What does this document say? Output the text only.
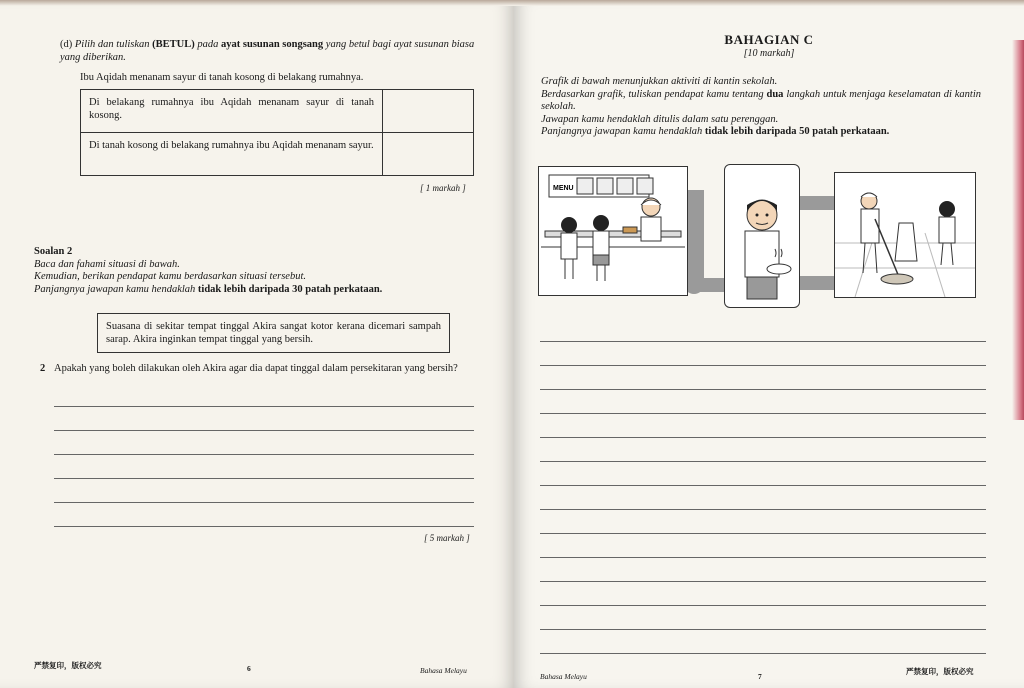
(d) Pilih dan tuliskan (BETUL) pada ayat susunan songsang yang betul bagi ayat susunan biasa yang diberikan.
Ibu Aqidah menanam sayur di tanah kosong di belakang rumahnya.
Di belakang rumahnya ibu Aqidah menanam sayur di tanah kosong.	
Di tanah kosong di belakang rumahnya ibu Aqidah menanam sayur.	
[ 1 markah ]
Soalan 2
Baca dan fahami situasi di bawah.
Kemudian, berikan pendapat kamu berdasarkan situasi tersebut.
Panjangnya jawapan kamu hendaklah tidak lebih daripada 30 patah perkataan.
Suasana di sekitar tempat tinggal Akira sangat kotor kerana dicemari sampah sarap. Akira inginkan tempat tinggal yang bersih.
2 Apakah yang boleh dilakukan oleh Akira agar dia dapat tinggal dalam persekitaran yang bersih?
[ 5 markah ]
严禁复印，版权必究	6	Bahasa Melayu
BAHAGIAN C
[10 markah]
Grafik di bawah menunjukkan aktiviti di kantin sekolah.
Berdasarkan grafik, tuliskan pendapat kamu tentang dua langkah untuk menjaga keselamatan di kantin sekolah.
Jawapan kamu hendaklah ditulis dalam satu perenggan.
Panjangnya jawapan kamu hendaklah tidak lebih daripada 50 patah perkataan.
MENU
Bahasa Melayu	7
严禁复印，版权必究
